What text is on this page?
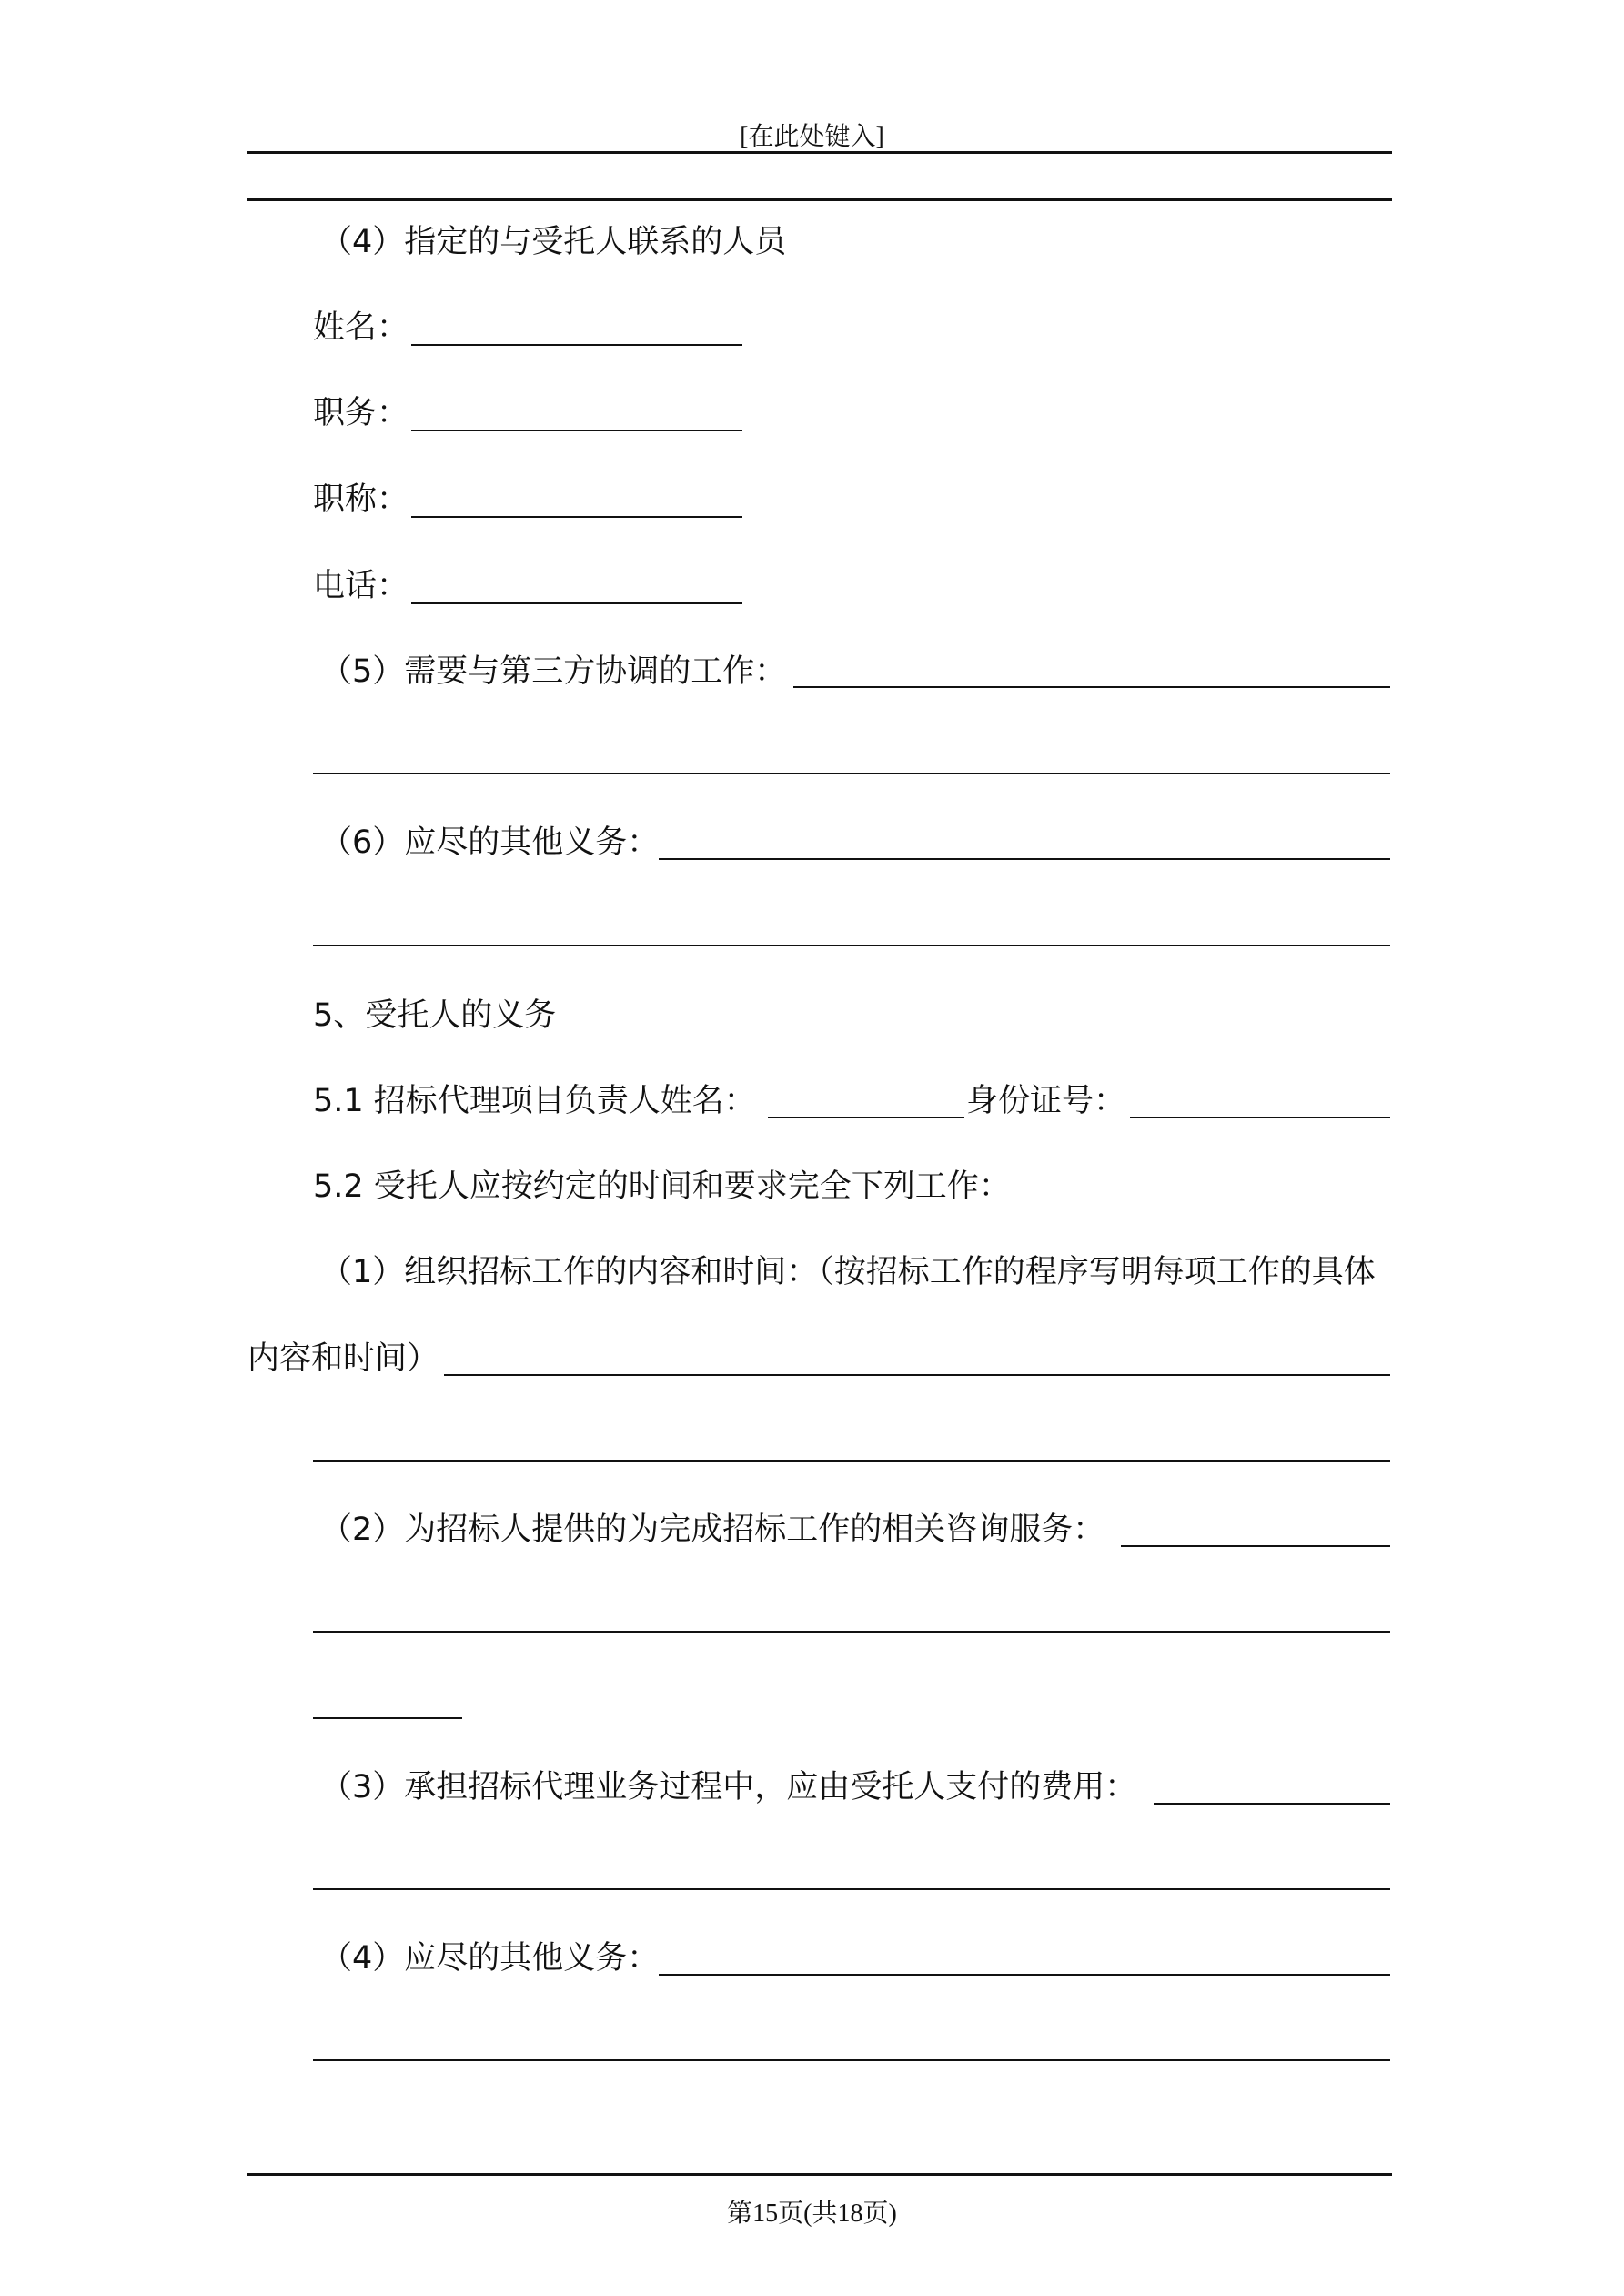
[在此处键入]
（4）指定的与受托人联系的人员
姓名：
职务：
职称：
电话：
（5）需要与第三方协调的工作：
（6）应尽的其他义务：
5、受托人的义务
5.1 招标代理项目负责人姓名：	身份证号：
5.2 受托人应按约定的时间和要求完全下列工作：
（1）组织招标工作的内容和时间：（按招标工作的程序写明每项工作的具体
内容和时间）
（2）为招标人提供的为完成招标工作的相关咨询服务：
（3）承担招标代理业务过程中，应由受托人支付的费用：
（4）应尽的其他义务：
第15页(共18页)
